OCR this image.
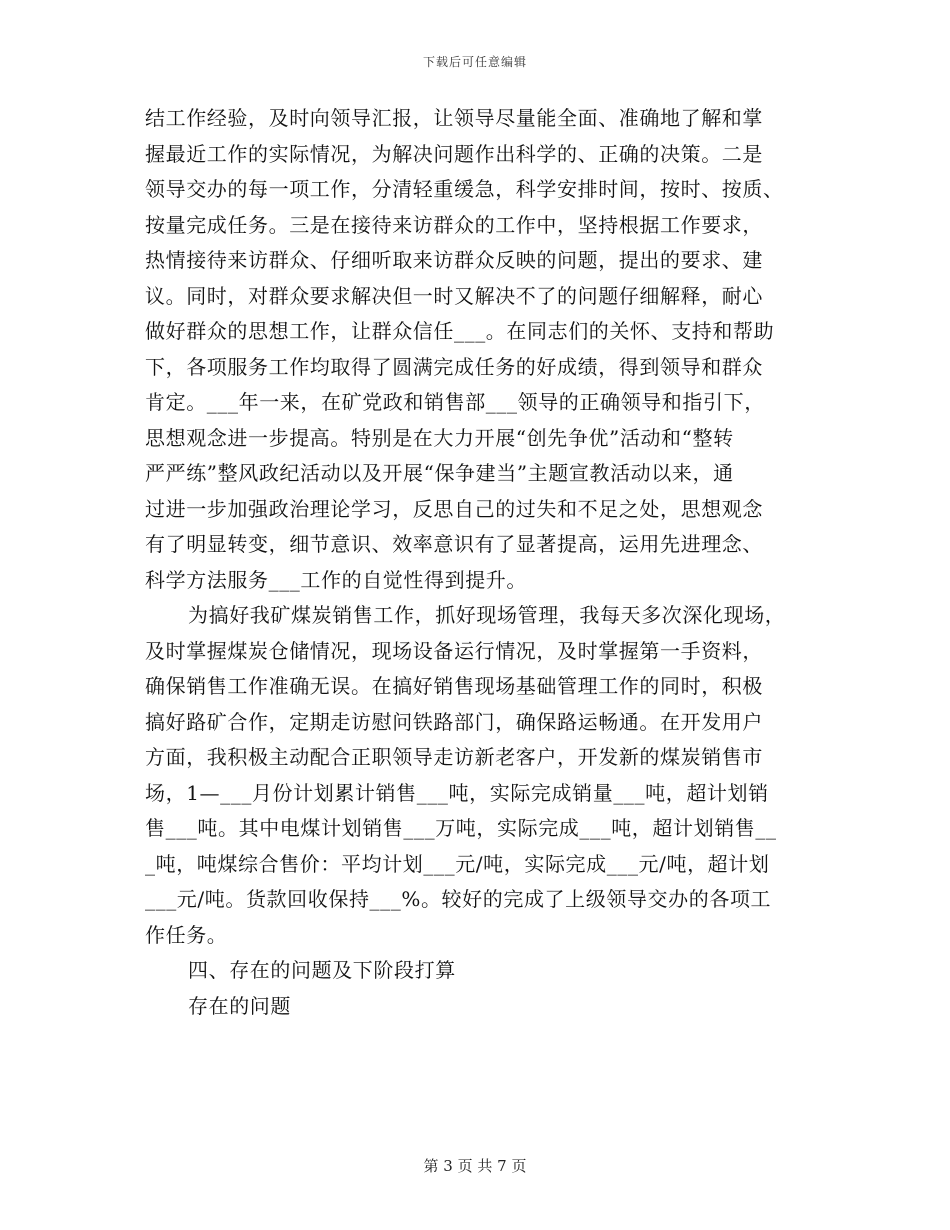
下载后可任意编辑
结工作经验，及时向领导汇报，让领导尽量能全面、准确地了解和掌
握最近工作的实际情况，为解决问题作出科学的、正确的决策。二是
领导交办的每一项工作，分清轻重缓急，科学安排时间，按时、按质、
按量完成任务。三是在接待来访群众的工作中，坚持根据工作要求，
热情接待来访群众、仔细听取来访群众反映的问题，提出的要求、建
议。同时，对群众要求解决但一时又解决不了的问题仔细解释，耐心
做好群众的思想工作，让群众信任___。在同志们的关怀、支持和帮助
下，各项服务工作均取得了圆满完成任务的好成绩，得到领导和群众
肯定。___年一来，在矿党政和销售部___领导的正确领导和指引下，
思想观念进一步提高。特别是在大力开展“创先争优”活动和“整转
严严练”整风政纪活动以及开展“保争建当”主题宣教活动以来，通
过进一步加强政治理论学习，反思自己的过失和不足之处，思想观念
有了明显转变，细节意识、效率意识有了显著提高，运用先进理念、
科学方法服务___工作的自觉性得到提升。
为搞好我矿煤炭销售工作，抓好现场管理，我每天多次深化现场，
及时掌握煤炭仓储情况，现场设备运行情况，及时掌握第一手资料，
确保销售工作准确无误。在搞好销售现场基础管理工作的同时，积极
搞好路矿合作，定期走访慰问铁路部门，确保路运畅通。在开发用户
方面，我积极主动配合正职领导走访新老客户，开发新的煤炭销售市
场，1—___月份计划累计销售___吨，实际完成销量___吨，超计划销
售___吨。其中电煤计划销售___万吨，实际完成___吨，超计划销售__
_吨，吨煤综合售价：平均计划___元/吨，实际完成___元/吨，超计划
___元/吨。货款回收保持___%。较好的完成了上级领导交办的各项工
作任务。
四、存在的问题及下阶段打算
存在的问题
第 3 页 共 7 页
